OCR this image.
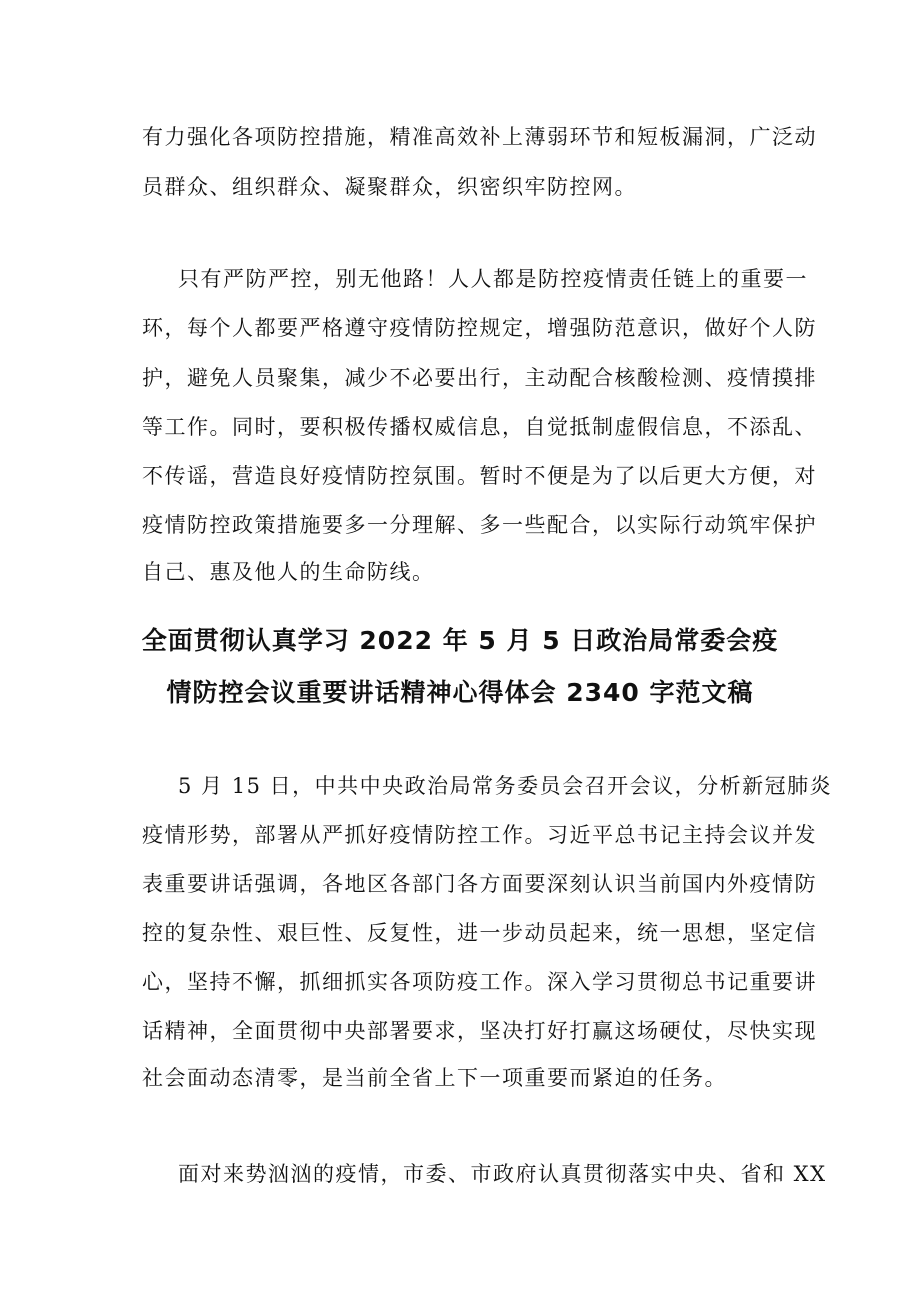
有力强化各项防控措施，精准高效补上薄弱环节和短板漏洞，广泛动
员群众、组织群众、凝聚群众，织密织牢防控网。
只有严防严控，别无他路！人人都是防控疫情责任链上的重要一
环，每个人都要严格遵守疫情防控规定，增强防范意识，做好个人防
护，避免人员聚集，减少不必要出行，主动配合核酸检测、疫情摸排
等工作。同时，要积极传播权威信息，自觉抵制虚假信息，不添乱、
不传谣，营造良好疫情防控氛围。暂时不便是为了以后更大方便，对
疫情防控政策措施要多一分理解、多一些配合，以实际行动筑牢保护
自己、惠及他人的生命防线。
全面贯彻认真学习 2022 年 5 月 5 日政治局常委会疫
情防控会议重要讲话精神心得体会 2340 字范文稿
5 月 15 日，中共中央政治局常务委员会召开会议，分析新冠肺炎
疫情形势，部署从严抓好疫情防控工作。习近平总书记主持会议并发
表重要讲话强调，各地区各部门各方面要深刻认识当前国内外疫情防
控的复杂性、艰巨性、反复性，进一步动员起来，统一思想，坚定信
心，坚持不懈，抓细抓实各项防疫工作。深入学习贯彻总书记重要讲
话精神，全面贯彻中央部署要求，坚决打好打赢这场硬仗，尽快实现
社会面动态清零，是当前全省上下一项重要而紧迫的任务。
面对来势汹汹的疫情，市委、市政府认真贯彻落实中央、省和 XX
